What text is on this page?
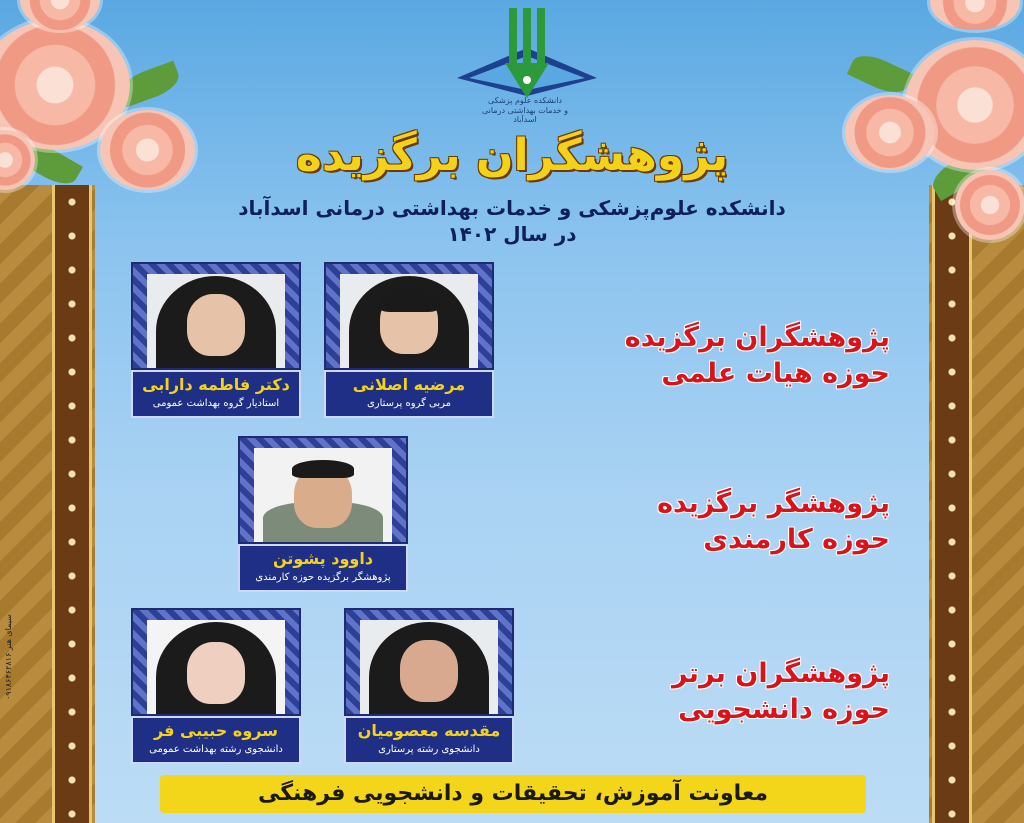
دانشکده علوم پزشکی
و خدمات بهداشتی درمانی اسدآباد
پژوهشگران برگزیده
دانشکده علوم‌پزشکی و خدمات بهداشتی درمانی اسدآباد
در سال ۱۴۰۲
مرضیه اصلانی
مربی گروه پرستاری
دکتر فاطمه دارابی
استادیار گروه بهداشت عمومی
پژوهشگران برگزیده
حوزه هیات علمی
داوود پشوتن
پژوهشگر برگزیده حوزه کارمندی
پژوهشگر برگزیده
حوزه کارمندی
مقدسه معصومیان
دانشجوی رشته پرستاری
سروه حبیبی فر
دانشجوی رشته بهداشت عمومی
پژوهشگران برتر
حوزه دانشجویی
معاونت آموزش، تحقیقات و دانشجویی فرهنگی
سیمای هنر ۰۹۱۸۶۴۶۲۸۱۶
